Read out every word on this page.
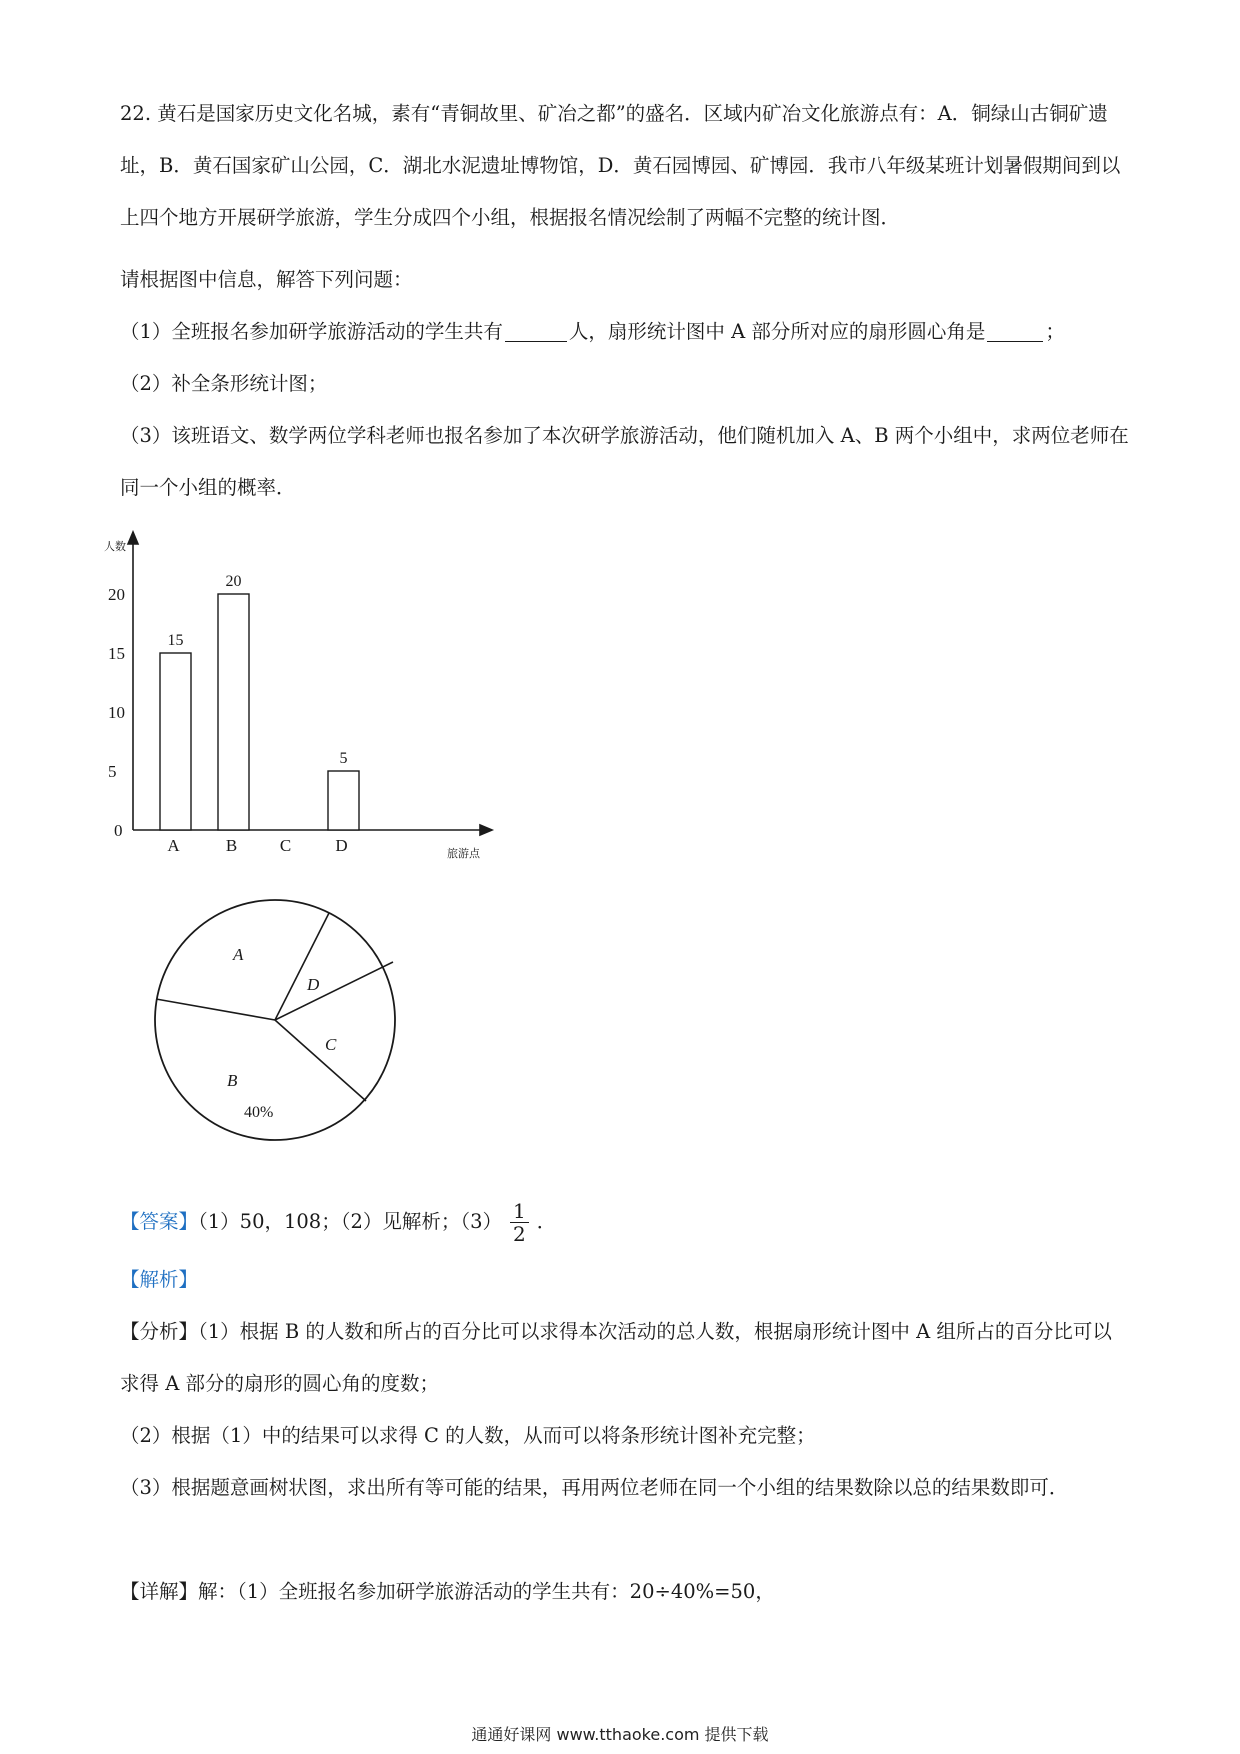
22. 黄石是国家历史文化名城，素有“青铜故里、矿冶之都”的盛名．区域内矿冶文化旅游点有：A．铜绿山古铜矿遗址，B．黄石国家矿山公园，C．湖北水泥遗址博物馆，D．黄石园博园、矿博园．我市八年级某班计划暑假期间到以上四个地方开展研学旅游，学生分成四个小组，根据报名情况绘制了两幅不完整的统计图．

请根据图中信息，解答下列问题：

（1）全班报名参加研学旅游活动的学生共有	人，扇形统计图中 A 部分所对应的扇形圆心角是	；

（2）补全条形统计图；

（3）该班语文、数学两位学科老师也报名参加了本次研学旅游活动，他们随机加入 A、B 两个小组中，求两位老师在同一个小组的概率．

人数
旅游点
0
5
10
15
20
15
20
5
A	B	C	D
A
D
C
B
40%

【答案】（1）50，108；（2）见解析；$(3) \frac{1}{2}$ ．

【解析】

【分析】（1）根据 B 的人数和所占的百分比可以求得本次活动的总人数，根据扇形统计图中 A 组所占的百分比可以求得 A 部分的扇形的圆心角的度数；

（2）根据（1）中的结果可以求得 C 的人数，从而可以将条形统计图补充完整；

（3）根据题意画树状图，求出所有等可能的结果，再用两位老师在同一个小组的结果数除以总的结果数即可．

【详解】解：（1）全班报名参加研学旅游活动的学生共有：20÷40%=50，

通通好课网 www.tthaoke.com 提供下载
